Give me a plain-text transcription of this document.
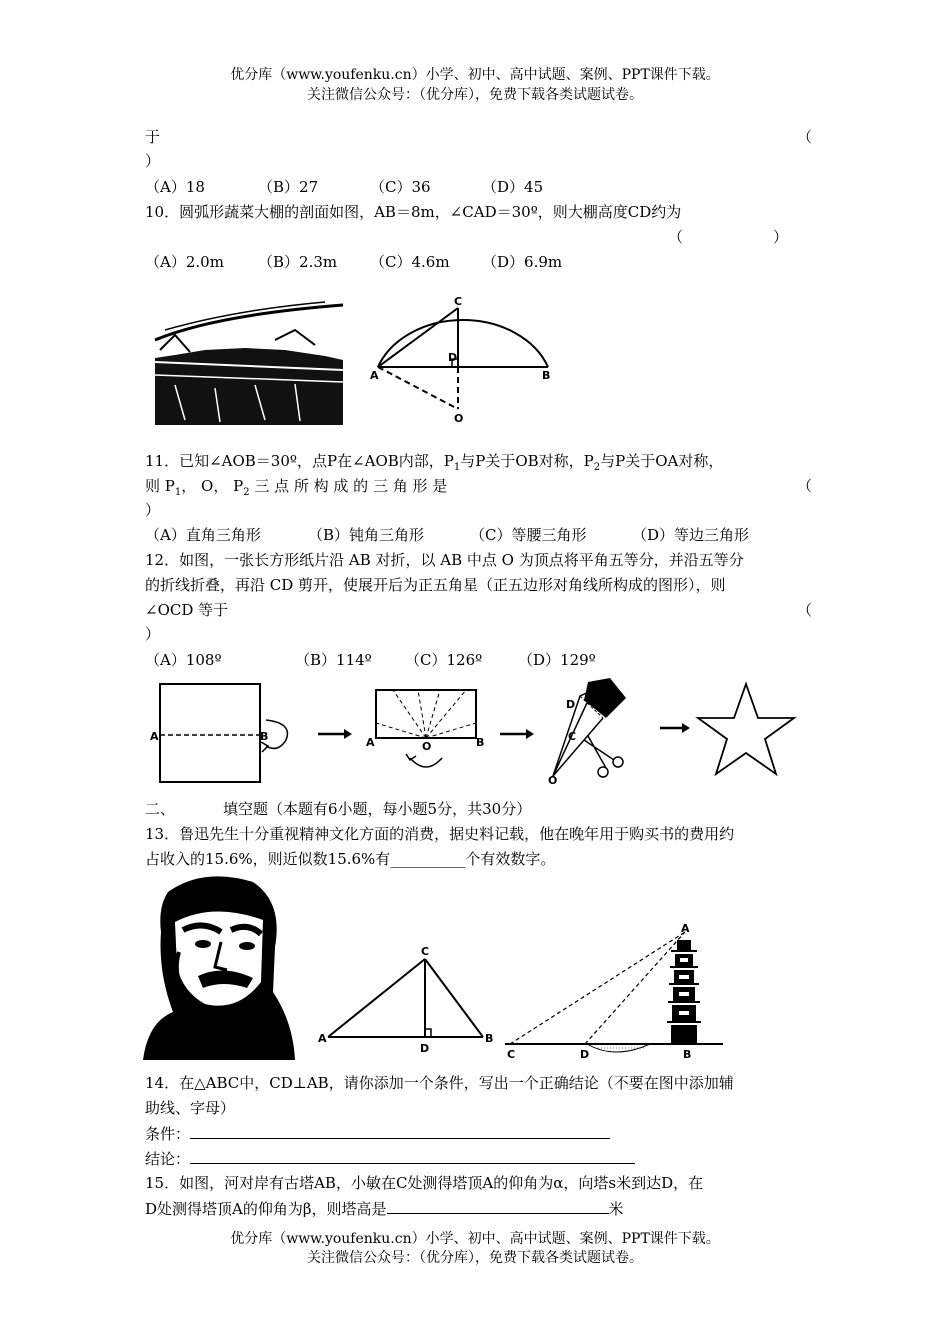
优分库（www.youfenku.cn）小学、初中、高中试题、案例、PPT课件下载。
关注微信公众号：（优分库），免费下载各类试题试卷。
于	（
）
（A）18	（B）27	（C）36	（D）45
10．圆弧形蔬菜大棚的剖面如图，AB＝8m，∠CAD＝30º，则大棚高度CD约为
（　　　　　　）
（A）2.0m （B）2.3m （C）4.6m （D）6.9m
C
D
A	B
O
11．已知∠AOB＝30º，点P在∠AOB内部，$P_1$与P关于OB对称，$P_2$与P关于OA对称，
则 $P_1$， O， $P_2$ 三 点 所 构 成 的 三 角 形 是	（
）
（A）直角三角形	（B）钝角三角形	（C）等腰三角形	（D）等边三角形
12．如图，一张长方形纸片沿 AB 对折，以 AB 中点 O 为顶点将平角五等分，并沿五等分
的折线折叠，再沿 CD 剪开，使展开后为正五角星（正五边形对角线所构成的图形），则
∠OCD 等于	（
）
（A）108º	（B）114º （C）126º （D）129º
A	B	A	O	B
D
C
O
二、	填空题（本题有6小题，每小题5分，共30分）
13．鲁迅先生十分重视精神文化方面的消费，据史料记载，他在晚年用于购买书的费用约
占收入的15.6%，则近似数15.6%有__________个有效数字。
C
A	B
D
A
C	D	B
14．在△ABC中，CD⊥AB，请你添加一个条件，写出一个正确结论（不要在图中添加辅
助线、字母）
条件：
结论：
15．如图，河对岸有古塔AB，小敏在C处测得塔顶A的仰角为α，向塔s米到达D，在
D处测得塔顶A的仰角为β，则塔高是	米
优分库（www.youfenku.cn）小学、初中、高中试题、案例、PPT课件下载。
关注微信公众号：（优分库），免费下载各类试题试卷。
